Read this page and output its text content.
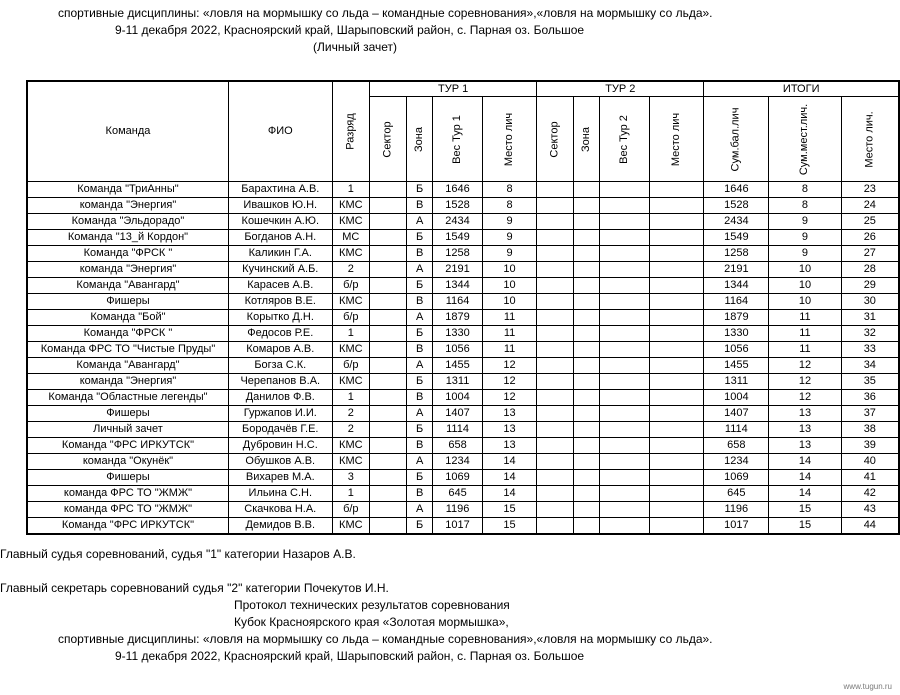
спортивные дисциплины: «ловля на мормышку со льда – командные соревнования»,«ловля на мормышку со льда».
9-11 декабря 2022, Красноярский край, Шарыповский район, с. Парная оз. Большое
(Личный зачет)
Команда	ФИО	Разряд	ТУР 1				ТУР 2				ИТОГИ		
			Сектор	Зона	Вес Тур 1	Место лич	Сектор	Зона	Вес Тур 2	Место лич	Сум.бал.лич	Сум.мест.лич.	Место лич.
Команда "ТриАнны"	Барахтина А.В.	1		Б	1646	8					1646	8	23
команда "Энергия"	Ивашков Ю.Н.	КМС		В	1528	8					1528	8	24
Команда "Эльдорадо"	Кошечкин А.Ю.	КМС		А	2434	9					2434	9	25
Команда "13_й Кордон"	Богданов А.Н.	МС		Б	1549	9					1549	9	26
Команда "ФРСК "	Каликин Г.А.	КМС		В	1258	9					1258	9	27
команда "Энергия"	Кучинский А.Б.	2		А	2191	10					2191	10	28
Команда "Авангард"	Карасев А.В.	б/р		Б	1344	10					1344	10	29
Фишеры	Котляров В.Е.	КМС		В	1164	10					1164	10	30
Команда "Бой"	Корытко Д.Н.	б/р		А	1879	11					1879	11	31
Команда "ФРСК "	Федосов Р.Е.	1		Б	1330	11					1330	11	32
Команда ФРС ТО "Чистые Пруды"	Комаров А.В.	КМС		В	1056	11					1056	11	33
Команда "Авангард"	Богза С.К.	б/р		А	1455	12					1455	12	34
команда "Энергия"	Черепанов В.А.	КМС		Б	1311	12					1311	12	35
Команда "Областные легенды"	Данилов Ф.В.	1		В	1004	12					1004	12	36
Фишеры	Гуржапов И.И.	2		А	1407	13					1407	13	37
Личный зачет	Бородачёв Г.Е.	2		Б	1114	13					1114	13	38
Команда "ФРС ИРКУТСК"	Дубровин Н.С.	КМС		В	658	13					658	13	39
команда "Окунёк"	Обушков А.В.	КМС		А	1234	14					1234	14	40
Фишеры	Вихарев М.А.	3		Б	1069	14					1069	14	41
команда ФРС ТО "ЖМЖ"	Ильина С.Н.	1		В	645	14					645	14	42
команда ФРС ТО "ЖМЖ"	Скачкова Н.А.	б/р		А	1196	15					1196	15	43
Команда "ФРС ИРКУТСК"	Демидов В.В.	КМС		Б	1017	15					1017	15	44
Главный судья соревнований, судья "1" категории Назаров А.В.
Главный секретарь соревнований судья "2" категории Почекутов И.Н.
Протокол технических результатов соревнования
Кубок Красноярского края «Золотая мормышка»,
спортивные дисциплины: «ловля на мормышку со льда – командные соревнования»,«ловля на мормышку со льда».
9-11 декабря 2022, Красноярский край, Шарыповский район, с. Парная оз. Большое
www.tugun.ru
